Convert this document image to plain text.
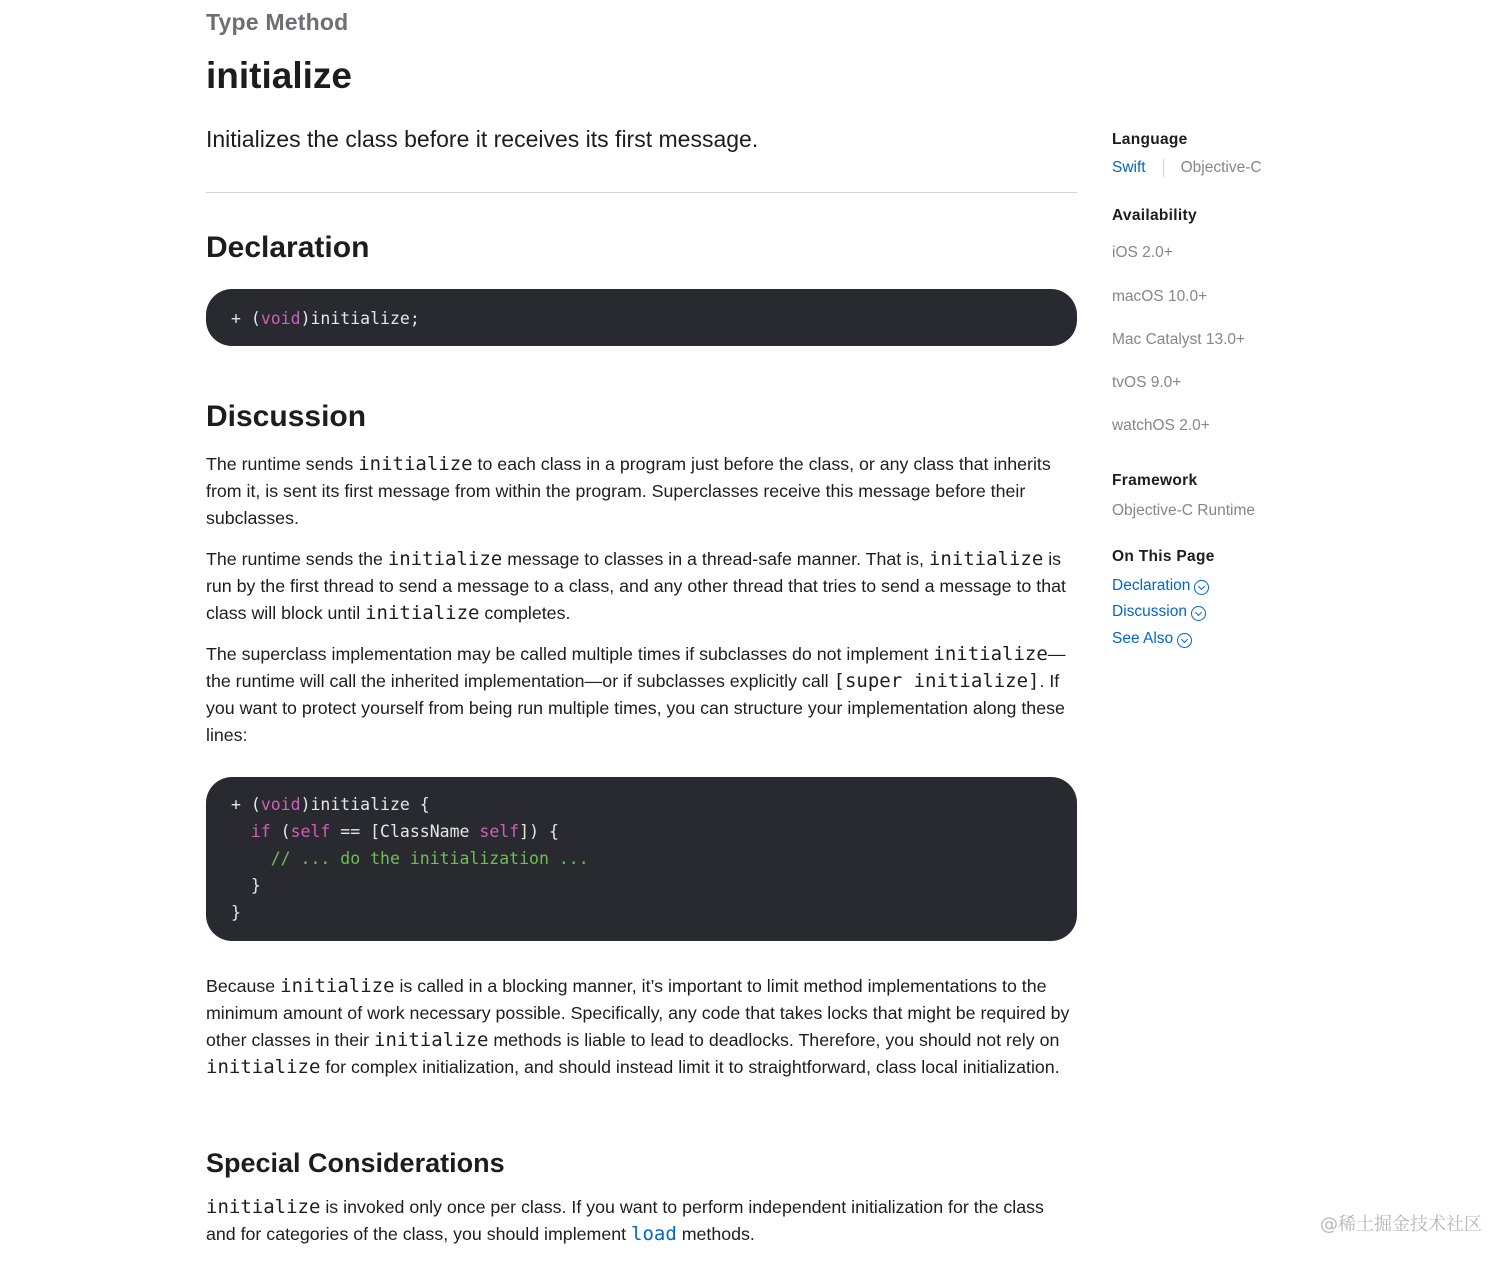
Type Method
initialize

Initializes the class before it receives its first message.

Declaration
+ (void)initialize;
Discussion

The runtime sends initialize to each class in a program just before the class, or any class that inherits from it, is sent its first message from within the program. Superclasses receive this message before their subclasses.

The runtime sends the initialize message to classes in a thread-safe manner. That is, initialize is run by the first thread to send a message to a class, and any other thread that tries to send a message to that class will block until initialize completes.

The superclass implementation may be called multiple times if subclasses do not implement initialize—the runtime will call the inherited implementation—or if subclasses explicitly call [super initialize]. If you want to protect yourself from being run multiple times, you can structure your implementation along these lines:

+ (void)initialize {
if (self == [ClassName self]) {
// ... do the initialization ...
}
}

Because initialize is called in a blocking manner, it’s important to limit method implementations to the minimum amount of work necessary possible. Specifically, any code that takes locks that might be required by other classes in their initialize methods is liable to lead to deadlocks. Therefore, you should not rely on initialize for complex initialization, and should instead limit it to straightforward, class local initialization.

Special Considerations

initialize is invoked only once per class. If you want to perform independent initialization for the class and for categories of the class, you should implement load methods.

Language
Swift Objective-C
Availability
iOS 2.0+
macOS 10.0+
Mac Catalyst 13.0+
tvOS 9.0+
watchOS 2.0+
Framework
Objective-C Runtime
On This Page
Declaration
Discussion
See Also
@稀土掘金技术社区
